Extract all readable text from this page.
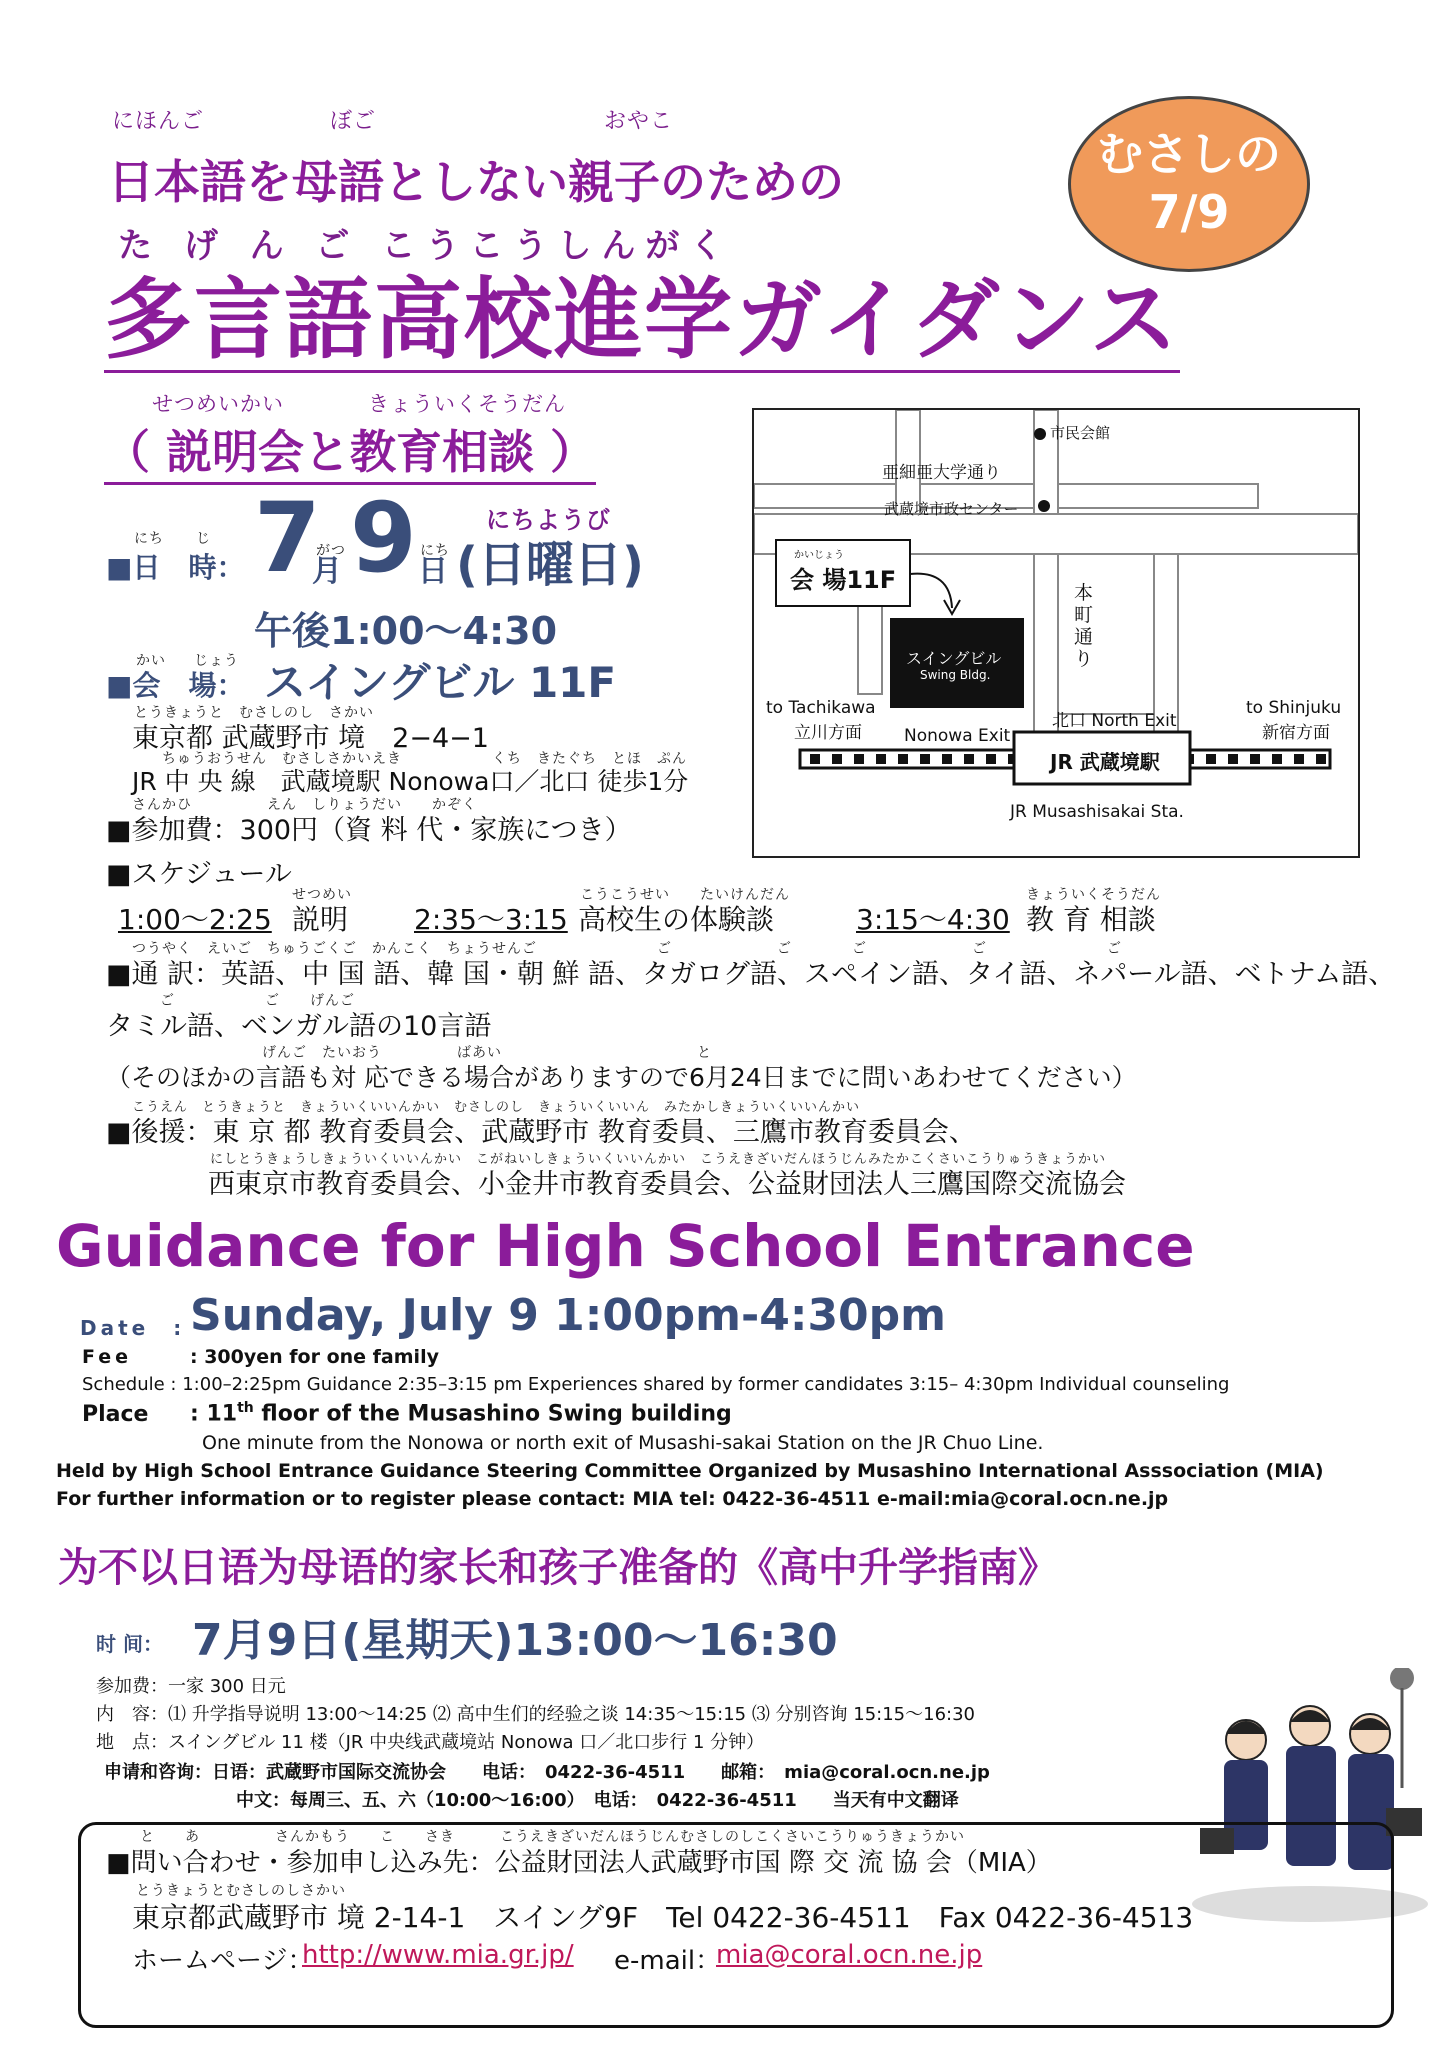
むさしの
7/9
にほんご	ぼご	おやこ
日本語を母語としない親子のための
た げ ん ご こうこうしんがく
多言語高校進学ガイダンス
せつめいかい	きょういくそうだん
（ 説明会と教育相談 ）
にち じ
がつ	にち
にちようび
■日　時： 7
月 9 日 (日曜日)
午後1:00〜4:30
かい じょう
■会　場： スイングビル 11F
とうきょうと　むさしのし　さかい
東京都 武蔵野市 境　2−4−1
ちゅうおうせん　むさしさかいえき　　　　　　くち　きたぐち　とほ　ぷん
JR 中 央 線　武蔵境駅 Nonowa口／北口 徒歩1分
さんかひ　　　　　えん　しりょうだい　　かぞく
■参加費：300円（資 料 代・家族につき）
■スケジュール
せつめい	こうこうせい　　たいけんだん	きょういくそうだん
1:00〜2:25 説明 2:35〜3:15 高校生の体験談	3:15〜4:30 教 育 相談
つうやく　えいご　ちゅうごくご　かんこく　ちょうせんご　　　　　　　　ご　　　　　　　ご　　　　ご　　　　　　　ご　　　　　　　　ご
■通 訳：英語、中 国 語、韓 国・朝 鮮 語、タガログ語、スペイン語、タイ語、ネパール語、ベトナム語、
ご　　　　　　ご　　げんご
タミル語、ベンガル語の10言語
げんご　たいおう　　　　　ばあい　　　　　　　　　　　　　と
（そのほかの言語も対 応できる場合がありますので6月24日までに問いあわせてください）
こうえん　とうきょうと　きょういくいいんかい　むさしのし　きょういくいいん　みたかしきょういくいいんかい
■後援：東 京 都 教育委員会、武蔵野市 教育委員、三鷹市教育委員会、
にしとうきょうしきょういくいいんかい　こがねいしきょういくいいんかい　こうえきざいだんほうじんみたかこくさいこうりゅうきょうかい
西東京市教育委員会、小金井市教育委員会、公益財団法人三鷹国際交流協会
市民会館
亜細亜大学通り
武蔵境市政センター
かいじょう
会 場11F	本
町
通
り
スイングビル
Swing Bldg.
to Tachikawa
立川方面
to Shinjuku
新宿方面
Nonowa Exit
北口 North Exit
JR 武蔵境駅
JR Musashisakai Sta.
Guidance for High School Entrance
Date　: Sunday, July 9 1:00pm-4:30pm
Fee	: 300yen for one family
Schedule : 1:00–2:25pm Guidance 2:35–3:15 pm Experiences shared by former candidates 3:15– 4:30pm Individual counseling
Place : 11th floor of the Musashino Swing building
One minute from the Nonowa or north exit of Musashi-sakai Station on the JR Chuo Line.
Held by High School Entrance Guidance Steering Committee Organized by Musashino International Asssociation (MIA)
For further information or to register please contact: MIA tel: 0422-36-4511 e-mail:mia@coral.ocn.ne.jp
为不以日语为母语的家长和孩子准备的《高中升学指南》
时 间： 7月9日(星期天)13:00〜16:30
参加费：一家 300 日元
内　容：⑴ 升学指导说明 13:00〜14:25 ⑵ 高中生们的经验之谈 14:35〜15:15 ⑶ 分别咨询 15:15〜16:30
地　点：スイングビル 11 楼（JR 中央线武蔵境站 Nonowa 口／北口步行 1 分钟）
申请和咨询：日语：武蔵野市国际交流协会　　电话：　0422-36-4511　　邮箱：　mia@coral.ocn.ne.jp
中文：每周三、五、六（10:00〜16:00）　电话：　0422-36-4511　　当天有中文翻译
と　　あ　　　　　さんかもう　　こ　　さき　　　こうえきざいだんほうじんむさしのしこくさいこうりゅうきょうかい
■問い合わせ・参加申し込み先：公益財団法人武蔵野市国 際 交 流 協 会（MIA）
とうきょうとむさしのしさかい
東京都武蔵野市 境 2-14-1　スイング9F　Tel 0422-36-4511　Fax 0422-36-4513
ホームページ：
http://www.mia.gr.jp/ e-mail：
mia@coral.ocn.ne.jp
